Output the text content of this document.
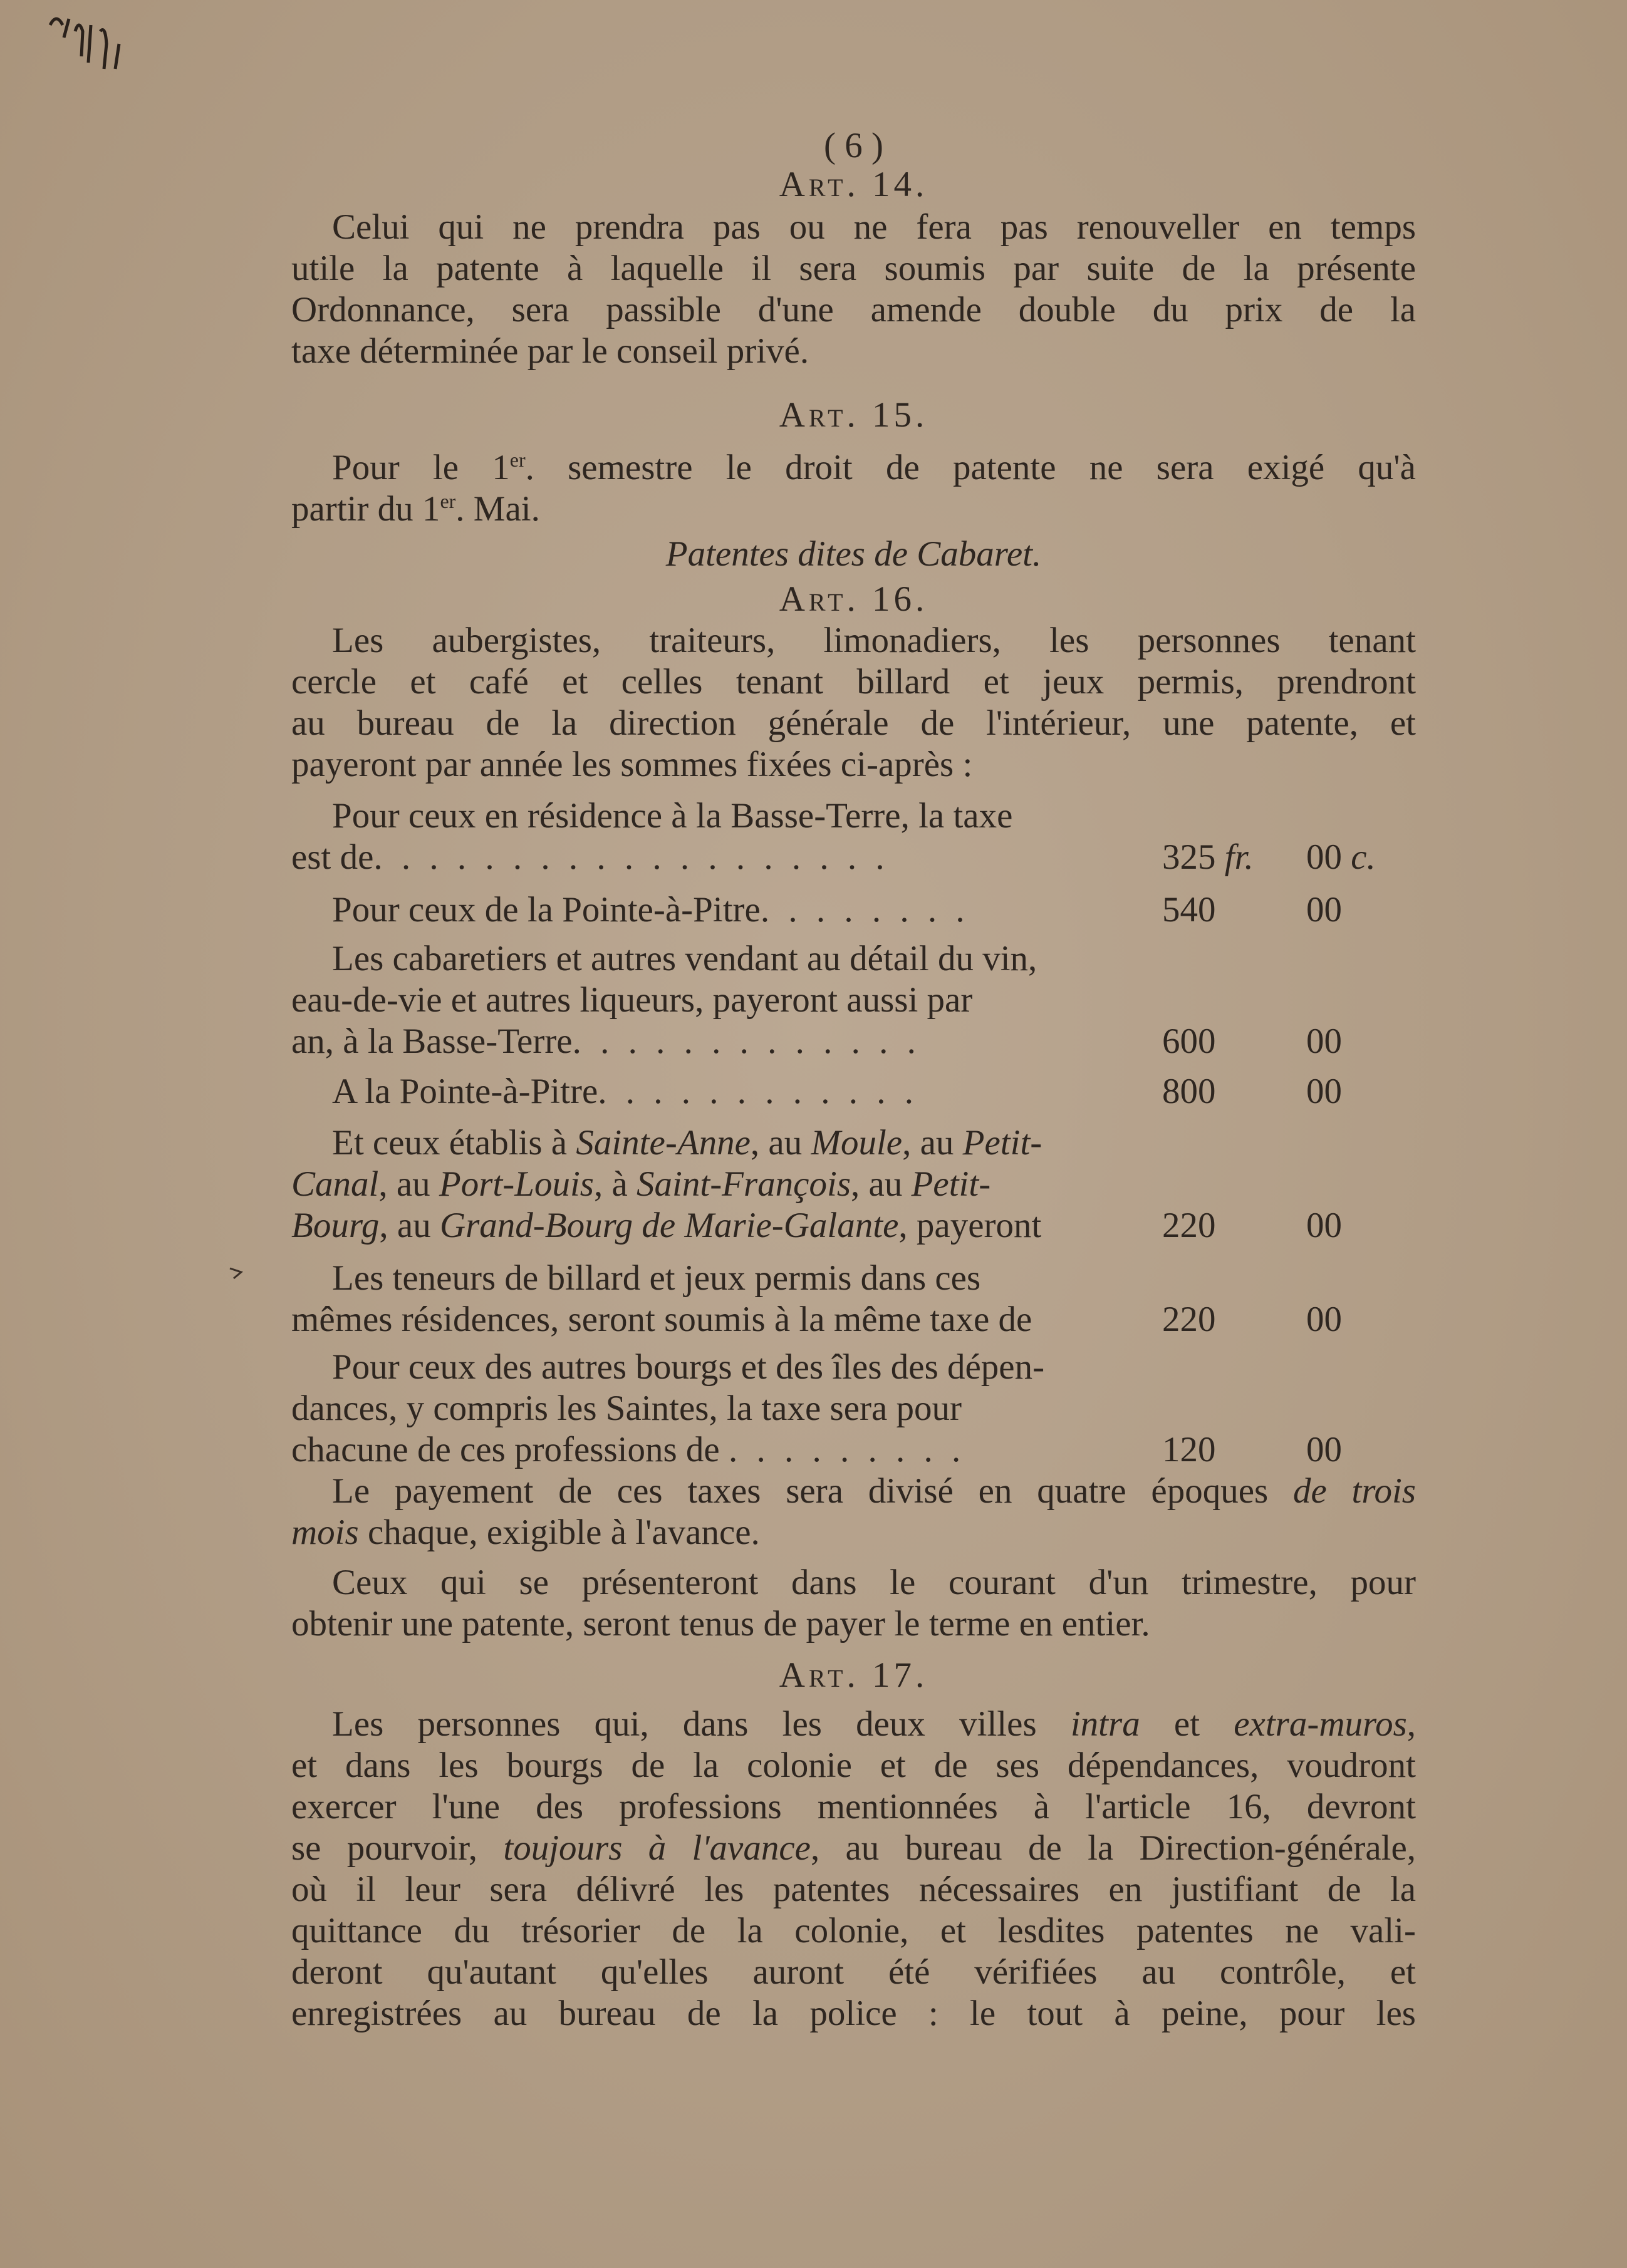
( 6 )
Art. 14.
Celui qui ne prendra pas ou ne fera pas renouveller en temps
utile la patente à laquelle il sera soumis par suite de la présente
Ordonnance, sera passible d'une amende double du prix de la
taxe déterminée par le conseil privé.
Art. 15.
Pour le 1er. semestre le droit de patente ne sera exigé qu'à
partir du 1er. Mai.
Patentes dites de Cabaret.
Art. 16.
Les aubergistes, traiteurs, limonadiers, les personnes tenant
cercle et café et celles tenant billard et jeux permis, prendront
au bureau de la direction générale de l'intérieur, une patente, et
payeront par année les sommes fixées ci-après :
Pour ceux en résidence à la Basse-Terre, la taxe
est de. . . . . . . . . . . . . . . . . . .	325 fr. 00 c.
Pour ceux de la Pointe-à-Pitre. . . . . . . .	540	00
Les cabaretiers et autres vendant au détail du vin,
eau-de-vie et autres liqueurs, payeront aussi par
an, à la Basse-Terre. . . . . . . . . . . . .	600	00
A la Pointe-à-Pitre. . . . . . . . . . . .	800	00
Et ceux établis à Sainte-Anne, au Moule, au Petit-
Canal, au Port-Louis, à Saint-François, au Petit-
Bourg, au Grand-Bourg de Marie-Galante, payeront	220	00
Les teneurs de billard et jeux permis dans ces
mêmes résidences, seront soumis à la même taxe de	220	00
Pour ceux des autres bourgs et des îles des dépen-
dances, y compris les Saintes, la taxe sera pour
chacune de ces professions de . . . . . . . . .	120	00
Le payement de ces taxes sera divisé en quatre époques de trois
mois chaque, exigible à l'avance.
Ceux qui se présenteront dans le courant d'un trimestre, pour
obtenir une patente, seront tenus de payer le terme en entier.
Art. 17.
Les personnes qui, dans les deux villes intra et extra-muros,
et dans les bourgs de la colonie et de ses dépendances, voudront
exercer l'une des professions mentionnées à l'article 16, devront
se pourvoir, toujours à l'avance, au bureau de la Direction-générale,
où il leur sera délivré les patentes nécessaires en justifiant de la
quittance du trésorier de la colonie, et lesdites patentes ne vali-
deront qu'autant qu'elles auront été vérifiées au contrôle, et
enregistrées au bureau de la police : le tout à peine, pour les
